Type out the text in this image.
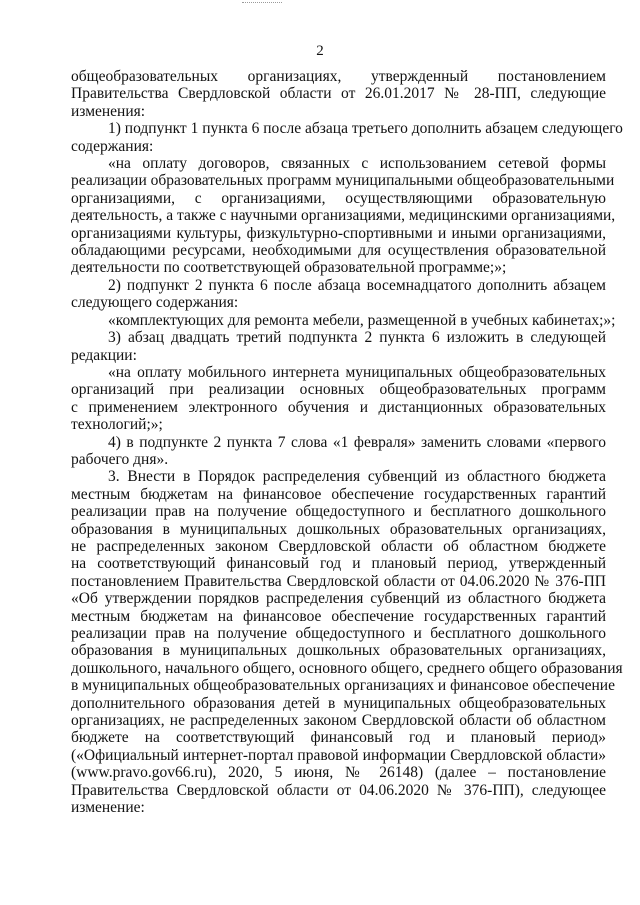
2
общеобразовательных организациях, утвержденный постановлением
Правительства Свердловской области от 26.01.2017 № 28-ПП, следующие
изменения:
1) подпункт 1 пункта 6 после абзаца третьего дополнить абзацем следующего
содержания:
«на оплату договоров, связанных с использованием сетевой формы
реализации образовательных программ муниципальными общеобразовательными
организациями, с организациями, осуществляющими образовательную
деятельность, а также с научными организациями, медицинскими организациями,
организациями культуры, физкультурно-спортивными и иными организациями,
обладающими ресурсами, необходимыми для осуществления образовательной
деятельности по соответствующей образовательной программе;»;
2) подпункт 2 пункта 6 после абзаца восемнадцатого дополнить абзацем
следующего содержания:
«комплектующих для ремонта мебели, размещенной в учебных кабинетах;»;
3) абзац двадцать третий подпункта 2 пункта 6 изложить в следующей
редакции:
«на оплату мобильного интернета муниципальных общеобразовательных
организаций при реализации основных общеобразовательных программ
с применением электронного обучения и дистанционных образовательных
технологий;»;
4) в подпункте 2 пункта 7 слова «1 февраля» заменить словами «первого
рабочего дня».
3. Внести в Порядок распределения субвенций из областного бюджета
местным бюджетам на финансовое обеспечение государственных гарантий
реализации прав на получение общедоступного и бесплатного дошкольного
образования в муниципальных дошкольных образовательных организациях,
не распределенных законом Свердловской области об областном бюджете
на соответствующий финансовый год и плановый период, утвержденный
постановлением Правительства Свердловской области от 04.06.2020 № 376-ПП
«Об утверждении порядков распределения субвенций из областного бюджета
местным бюджетам на финансовое обеспечение государственных гарантий
реализации прав на получение общедоступного и бесплатного дошкольного
образования в муниципальных дошкольных образовательных организациях,
дошкольного, начального общего, основного общего, среднего общего образования
в муниципальных общеобразовательных организациях и финансовое обеспечение
дополнительного образования детей в муниципальных общеобразовательных
организациях, не распределенных законом Свердловской области об областном
бюджете на соответствующий финансовый год и плановый период»
(«Официальный интернет-портал правовой информации Свердловской области»
(www.pravo.gov66.ru), 2020, 5 июня, № 26148) (далее – постановление
Правительства Свердловской области от 04.06.2020 № 376-ПП), следующее
изменение:
